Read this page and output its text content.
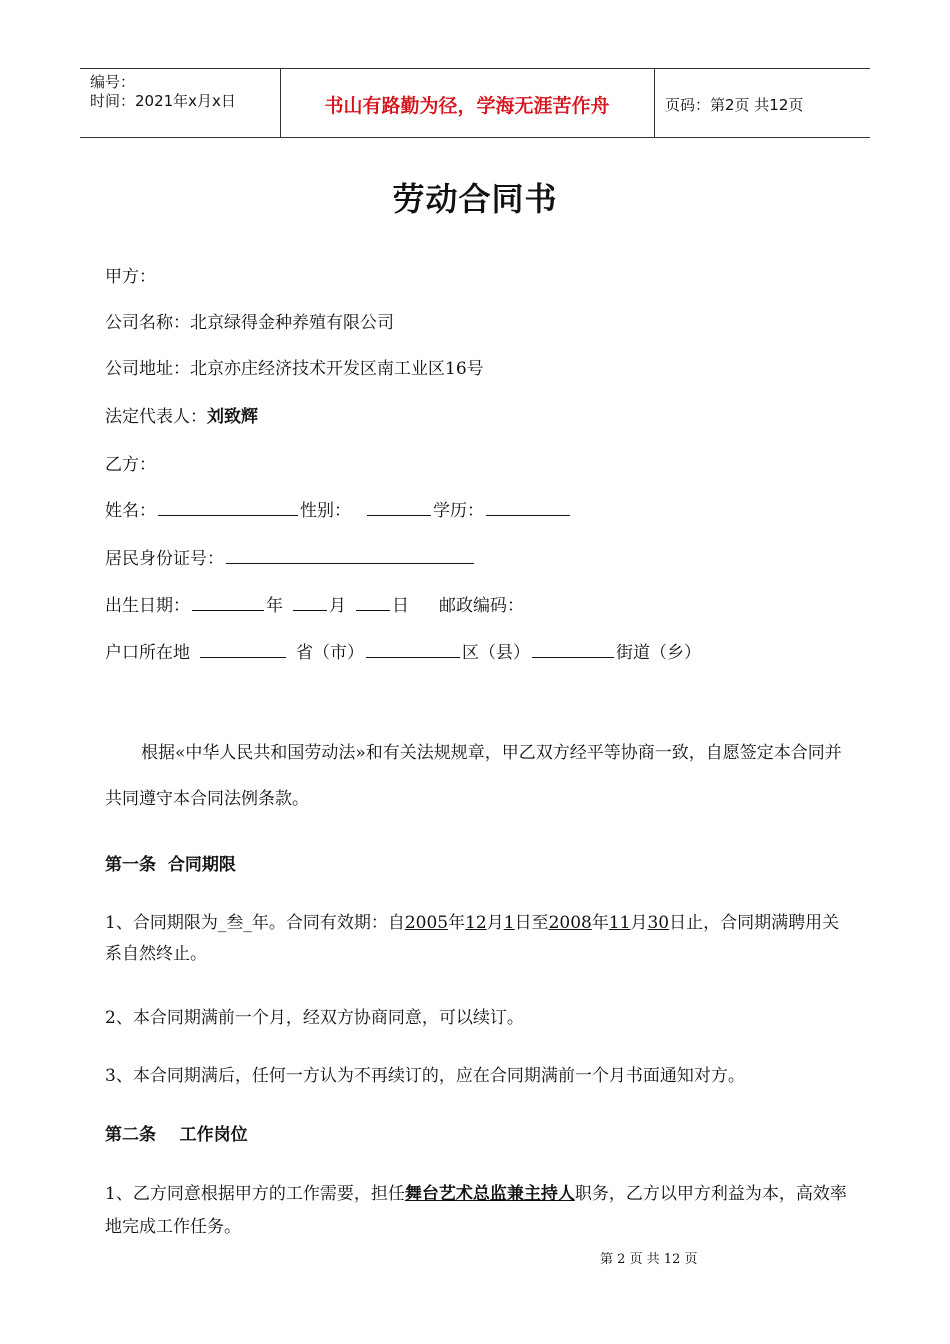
编号：
时间：2021年x月x日	书山有路勤为径，学海无涯苦作舟	页码：第2页 共12页
劳动合同书
甲方：
公司名称：北京绿得金种养殖有限公司
公司地址：北京亦庄经济技术开发区南工业区16号
法定代表人：刘致辉
乙方：
姓名：	性别：	学历：
居民身份证号：
出生日期：	年	月	日 邮政编码：
户口所在地	省（市）	区（县）	街道（乡）
根据«中华人民共和国劳动法»和有关法规规章，甲乙双方经平等协商一致，自愿签定本合同并共同遵守本合同法例条款。
第一条  合同期限
1、合同期限为_叁_年。合同有效期：自2005年12月1日至2008年11月30日止，合同期满聘用关系自然终止。
2、本合同期满前一个月，经双方协商同意，可以续订。
3、本合同期满后，任何一方认为不再续订的，应在合同期满前一个月书面通知对方。
第二条    工作岗位
1、乙方同意根据甲方的工作需要，担任舞台艺术总监兼主持人职务，乙方以甲方利益为本，高效率地完成工作任务。
第 2 页 共 12 页
